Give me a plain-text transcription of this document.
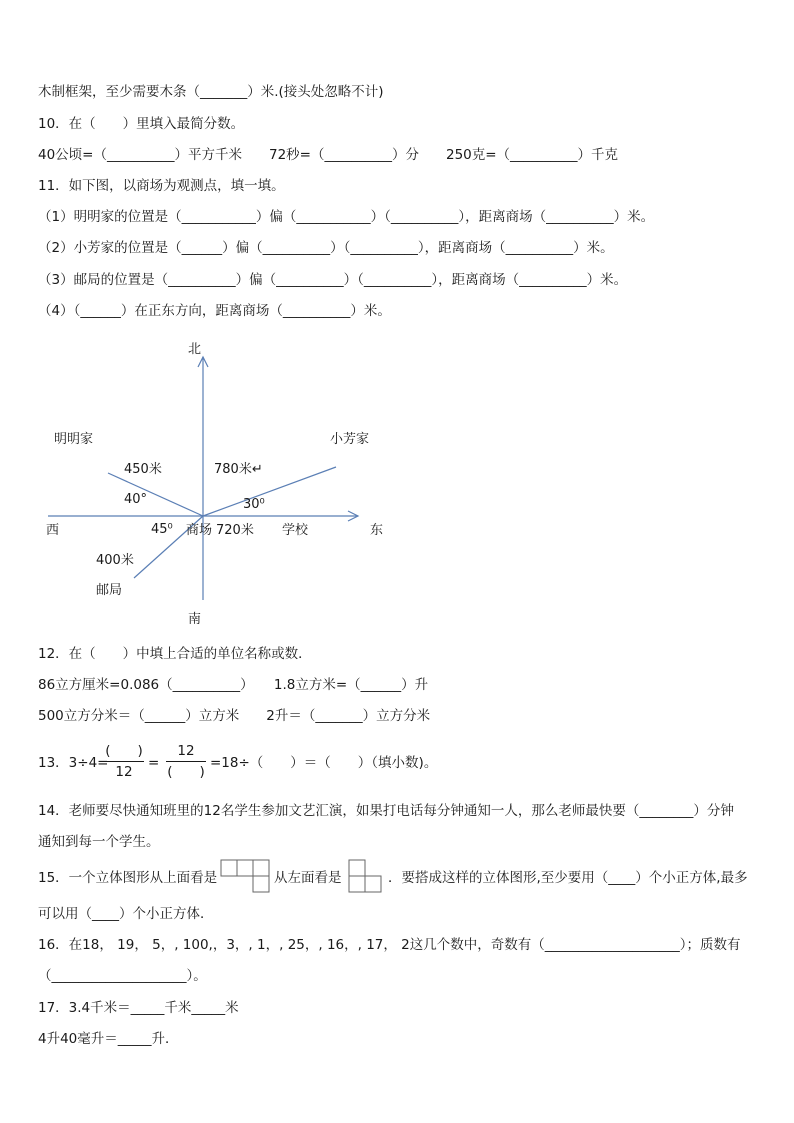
木制框架，至少需要木条（_______）米.(接头处忽略不计)
10．在（　　）里填入最简分数。
40公顷=（__________）平方千米　　72秒=（__________）分　　250克=（__________）千克
11．如下图，以商场为观测点，填一填。
（1）明明家的位置是（___________）偏（___________）（__________），距离商场（__________）米。
（2）小芳家的位置是（______）偏（__________）（__________），距离商场（__________）米。
（3）邮局的位置是（__________）偏（__________）（__________），距离商场（__________）米。
（4）（______）在正东方向，距离商场（__________）米。
北
南
东
西
明明家	小芳家
邮局
商场	学校
450米	780米↵
400米
720米
40°
45⁰
30⁰
12．在（　　）中填上合适的单位名称或数．
86立方厘米=0.086（__________）　　1.8立方米=（______）升
500立方分米＝（______）立方米　　2升＝（_______）立方分米
13．3÷4=
(　　)
12
=
12
(　　)
=18÷（　　）＝（　　）（填小数)。
14．老师要尽快通知班里的12名学生参加文艺汇演，如果打电话每分钟通知一人，那么老师最快要（________）分钟
通知到每一个学生。
15．一个立体图形从上面看是	从左面看是	．要搭成这样的立体图形,至少要用（____）个小正方体,最多
可以用（____）个小正方体．
16．在18， 19， 5，, 100,，3，, 1，, 25，, 16，, 17， 2这几个数中，奇数有（____________________）；质数有
（____________________）。
17．3.4千米＝_____千米_____米
4升40毫升＝_____升．
